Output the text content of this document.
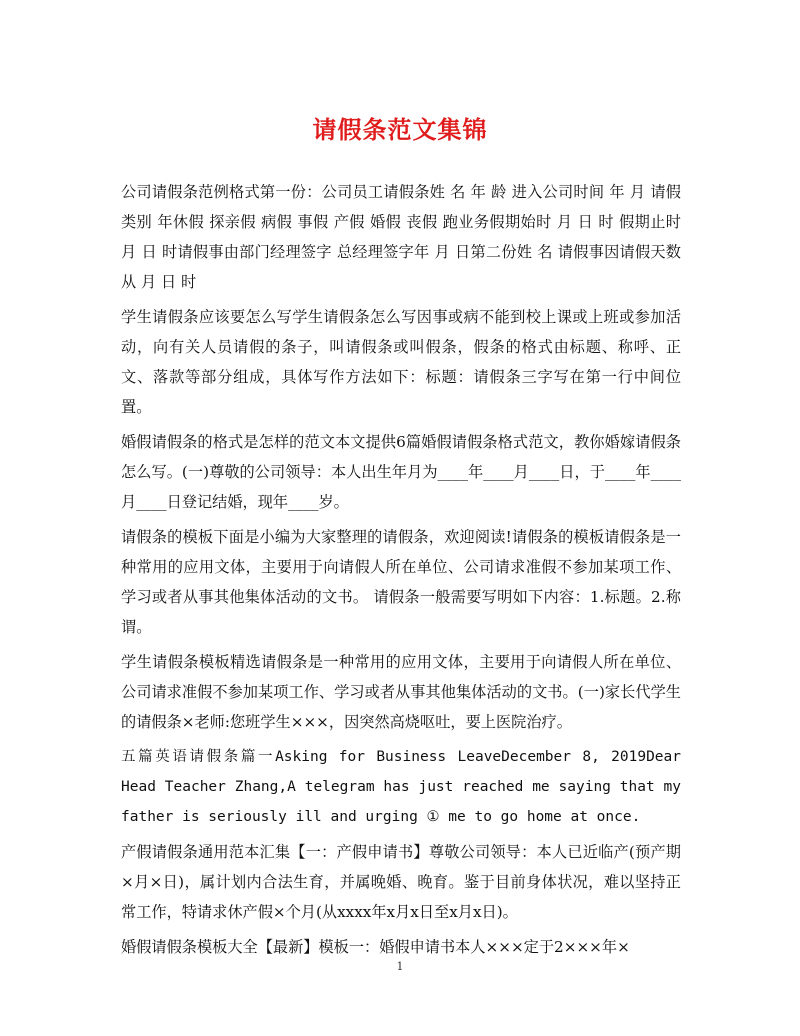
请假条范文集锦

公司请假条范例格式第一份：公司员工请假条姓 名 年 龄 进入公司时间 年 月 请假类别 年休假 探亲假 病假 事假 产假 婚假 丧假 跑业务假期始时 月 日 时 假期止时 月 日 时请假事由部门经理签字 总经理签字年 月 日第二份姓 名 请假事因请假天数 从 月 日 时

学生请假条应该要怎么写学生请假条怎么写因事或病不能到校上课或上班或参加活动，向有关人员请假的条子，叫请假条或叫假条，假条的格式由标题、称呼、正文、落款等部分组成，具体写作方法如下：标题：请假条三字写在第一行中间位置。

婚假请假条的格式是怎样的范文本文提供6篇婚假请假条格式范文，教你婚嫁请假条怎么写。(一)尊敬的公司领导：本人出生年月为____年____月____日，于____年____月____日登记结婚，现年____岁。

请假条的模板下面是小编为大家整理的请假条，欢迎阅读!请假条的模板请假条是一种常用的应用文体，主要用于向请假人所在单位、公司请求准假不参加某项工作、学习或者从事其他集体活动的文书。 请假条一般需要写明如下内容：1.标题。2.称谓。

学生请假条模板精选请假条是一种常用的应用文体，主要用于向请假人所在单位、公司请求准假不参加某项工作、学习或者从事其他集体活动的文书。(一)家长代学生的请假条×老师:您班学生×××，因突然高烧呕吐，要上医院治疗。

五篇英语请假条篇一Asking for Business LeaveDecember 8, 2019Dear Head Teacher Zhang,A telegram has just reached me saying that my father is seriously ill and urging ① me to go home at once.

产假请假条通用范本汇集【一：产假申请书】尊敬公司领导：本人已近临产(预产期×月×日)，属计划内合法生育，并属晚婚、晚育。鉴于目前身体状况，难以坚持正常工作，特请求休产假×个月(从xxxx年x月x日至x月x日)。

婚假请假条模板大全【最新】模板一：婚假申请书本人×××定于2×××年×

1
